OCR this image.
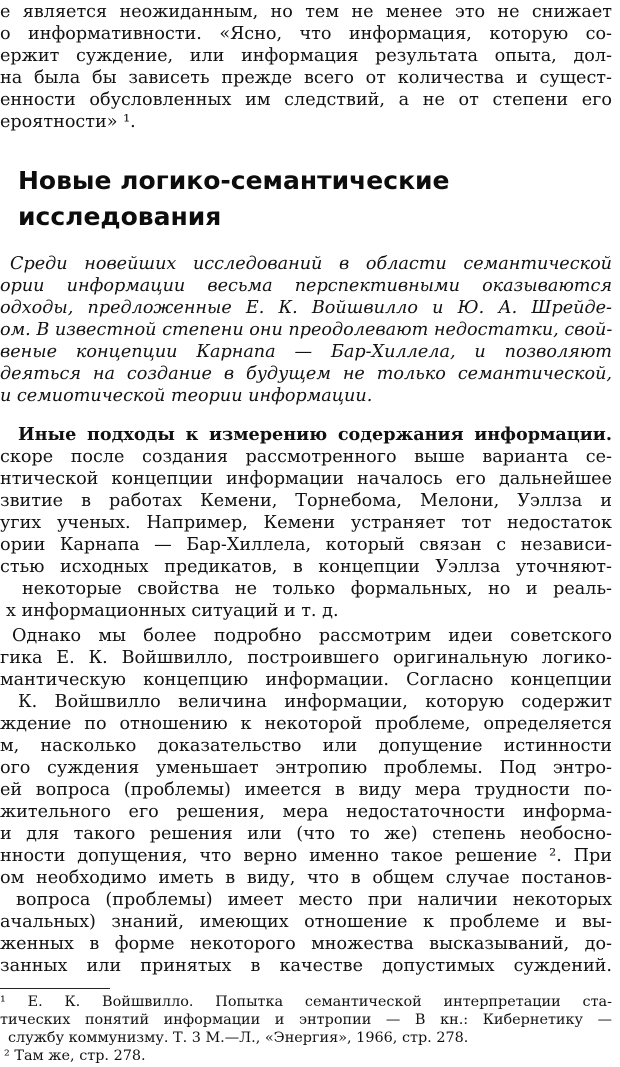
е является неожиданным, но тем не менее это не снижает
о информативности. «Ясно, что информация, которую со-
ержит суждение, или информация результата опыта, дол-
на была бы зависеть прежде всего от количества и сущест-
енности обусловленных им следствий, а не от степени его
ероятности» ¹.
Новые логико-семантические
исследования
Среди новейших исследований в области семантической
ории информации весьма перспективными оказываются
одходы, предложенные Е. К. Войшвилло и Ю. А. Шрейде-
ом. В известной степени они преодолевают недостатки, свой-
веные концепции Карнапа — Бар-Хиллела, и позволяют
деяться на создание в будущем не только семантической,
и семиотической теории информации.
Иные подходы к измерению содержания информации.
скоре после создания рассмотренного выше варианта се-
нтической концепции информации началось его дальнейшее
звитие в работах Кемени, Торнебома, Мелони, Уэллза и
угих ученых. Например, Кемени устраняет тот недостаток
ории Карнапа — Бар-Хиллела, который связан с независи-
стью исходных предикатов, в концепции Уэллза уточняют-
некоторые свойства не только формальных, но и реаль-
х информационных ситуаций и т. д.
Однако мы более подробно рассмотрим идеи советского
гика Е. К. Войшвилло, построившего оригинальную логико-
мантическую концепцию информации. Согласно концепции
К. Войшвилло величина информации, которую содержит
ждение по отношению к некоторой проблеме, определяется
м, насколько доказательство или допущение истинности
ого суждения уменьшает энтропию проблемы. Под энтро-
ей вопроса (проблемы) имеется в виду мера трудности по-
жительного его решения, мера недостаточности информа-
и для такого решения или (что то же) степень необосно-
нности допущения, что верно именно такое решение ². При
ом необходимо иметь в виду, что в общем случае постанов-
вопроса (проблемы) имеет место при наличии некоторых
ачальных) знаний, имеющих отношение к проблеме и вы-
женных в форме некоторого множества высказываний, до-
занных или принятых в качестве допустимых суждений.
¹ Е. К. Войшвилло. Попытка семантической интерпретации ста-
тических понятий информации и энтропии — В кн.: Кибернетику —
службу коммунизму. Т. 3 М.—Л., «Энергия», 1966, стр. 278.
² Там же, стр. 278.
